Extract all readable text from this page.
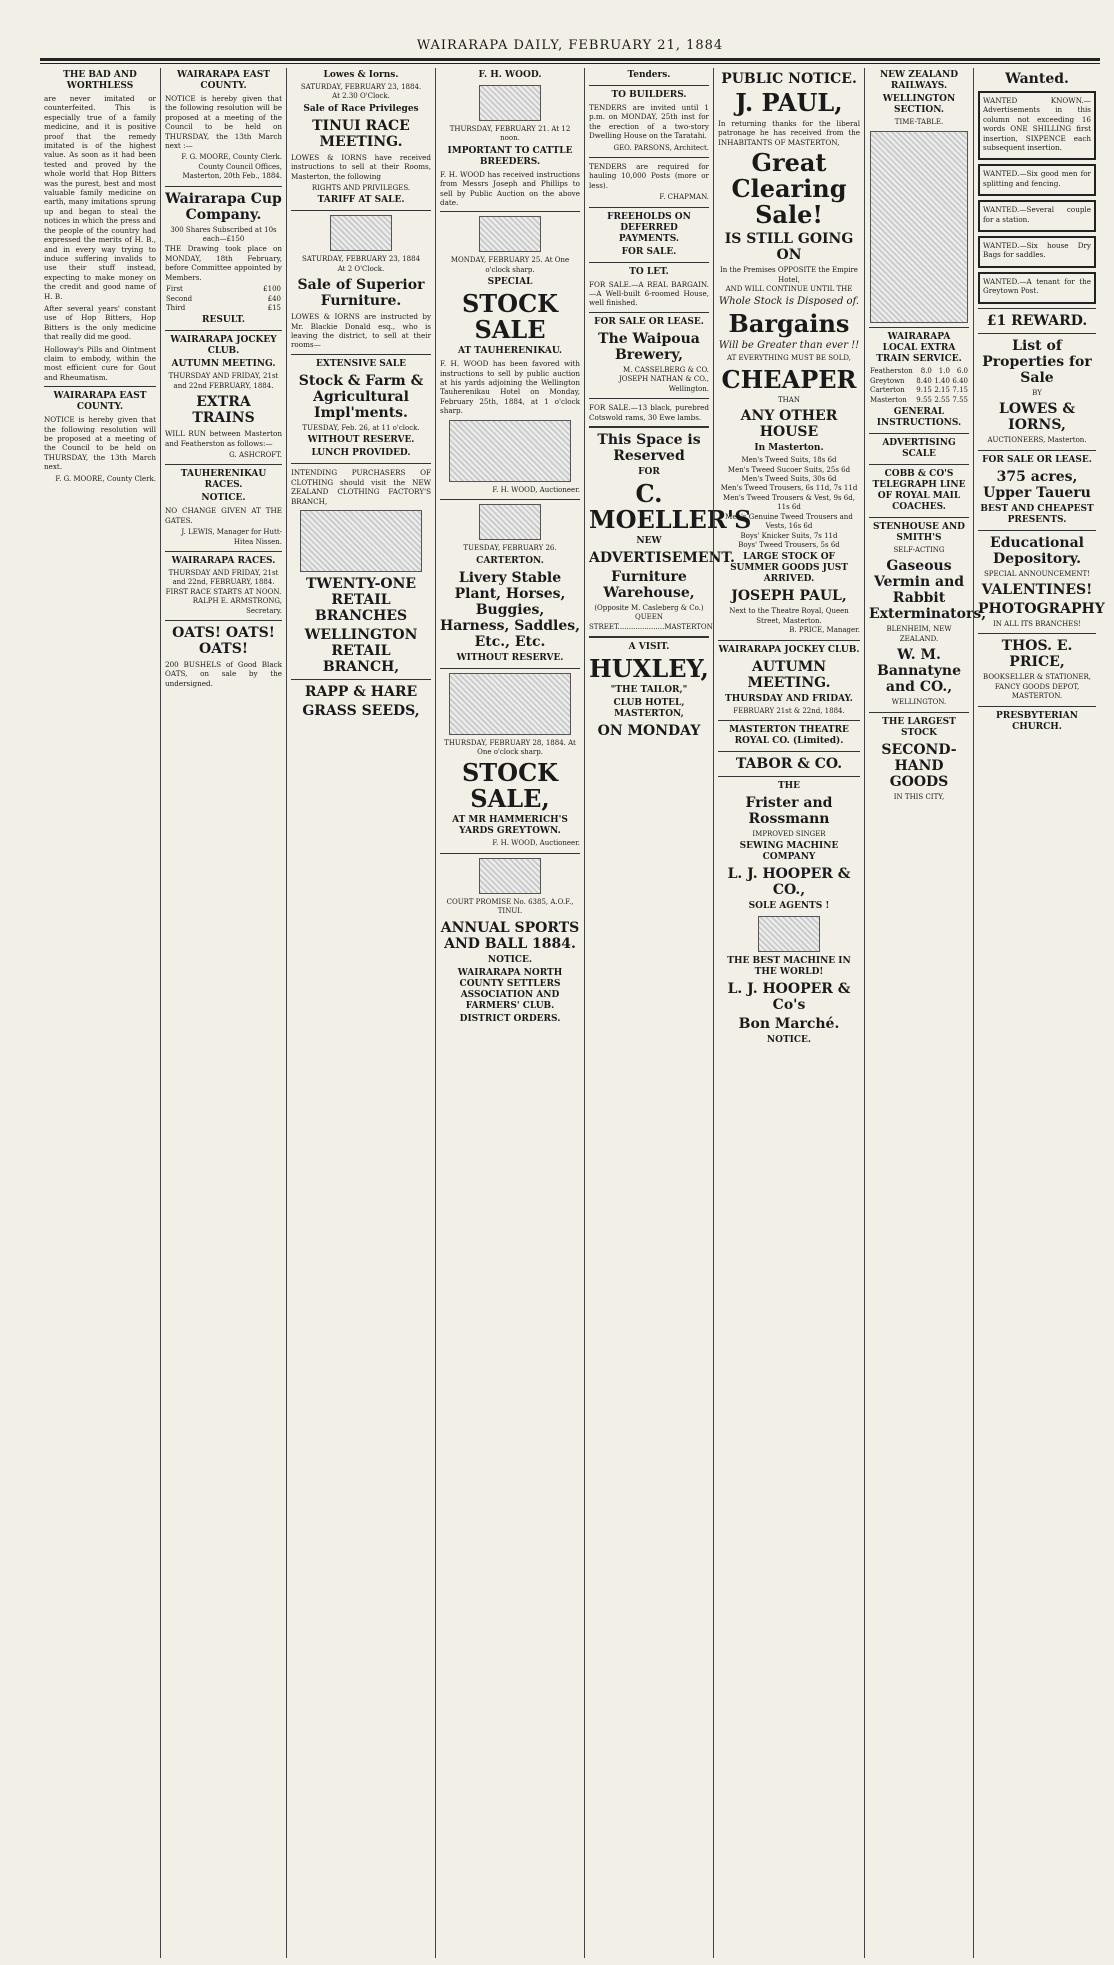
WAIRARAPA DAILY, FEBRUARY 21, 1884
THE BAD AND WORTHLESS

are never imitated or counterfeited. This is especially true of a family medicine, and it is positive proof that the remedy imitated is of the highest value. As soon as it had been tested and proved by the whole world that Hop Bitters was the purest, best and most valuable family medicine on earth, many imitations sprung up and began to steal the notices in which the press and the people of the country had expressed the merits of H. B., and in every way trying to induce suffering invalids to use their stuff instead, expecting to make money on the credit and good name of H. B.

After several years' constant use of Hop Bitters, Hop Bitters is the only medicine that really did me good.

Holloway's Pills and Ointment claim to embody, within the most efficient cure for Gout and Rheumatism.

WAIRARAPA EAST COUNTY.

NOTICE is hereby given that the following resolution will be proposed at a meeting of the Council to be held on THURSDAY, the 13th March next.

F. G. MOORE, County Clerk.
WAIRARAPA EAST COUNTY.

NOTICE is hereby given that the following resolution will be proposed at a meeting of the Council to be held on THURSDAY, the 13th March next :—

F. G. MOORE, County Clerk. County Council Offices, Masterton, 20th Feb., 1884.
Wairarapa Cup Company.
300 Shares Subscribed at 10s each—£150

THE Drawing took place on MONDAY, 18th February, before Committee appointed by Members.

First	£100
Second	£40
Third	£15
RESULT.
WAIRARAPA JOCKEY CLUB.
AUTUMN MEETING.
THURSDAY AND FRIDAY, 21st and 22nd FEBRUARY, 1884.
EXTRA TRAINS

WILL RUN between Masterton and Featherston as follows:—

G. ASHCROFT.
TAUHERENIKAU RACES.
NOTICE.

NO CHANGE GIVEN AT THE GATES.

J. LEWIS, Manager for Hutt-Hitea Nissen.
WAIRARAPA RACES.
THURSDAY AND FRIDAY, 21st and 22nd, FEBRUARY, 1884.
FIRST RACE STARTS AT NOON.
RALPH E. ARMSTRONG, Secretary.
OATS! OATS! OATS!

200 BUSHELS of Good Black OATS, on sale by the undersigned.

Lowes & Iorns.
SATURDAY, FEBRUARY 23, 1884.
At 2.30 O'Clock.
Sale of Race Privileges
TINUI RACE MEETING.

LOWES & IORNS have received instructions to sell at their Rooms, Masterton, the following

RIGHTS AND PRIVILEGES.
TARIFF AT SALE.
SATURDAY, FEBRUARY 23, 1884
At 2 O'Clock.
Sale of Superior Furniture.

LOWES & IORNS are instructed by Mr. Blackie Donald esq., who is leaving the district, to sell at their rooms—

EXTENSIVE SALE
Stock & Farm & Agricultural Impl'ments.
TUESDAY, Feb. 26, at 11 o'clock.
WITHOUT RESERVE.
LUNCH PROVIDED.

INTENDING PURCHASERS OF CLOTHING should visit the NEW ZEALAND CLOTHING FACTORY'S BRANCH,

TWENTY-ONE RETAIL BRANCHES
WELLINGTON RETAIL BRANCH,
RAPP & HARE
GRASS SEEDS,
F. H. WOOD.
THURSDAY, FEBRUARY 21. At 12 noon.
IMPORTANT TO CATTLE BREEDERS.

F. H. WOOD has received instructions from Messrs Joseph and Phillips to sell by Public Auction on the above date.

MONDAY, FEBRUARY 25. At One o'clock sharp.
SPECIAL
STOCK SALE
AT TAUHERENIKAU.

F. H. WOOD has been favored with instructions to sell by public auction at his yards adjoining the Wellington Tauherenikau Hotel on Monday, February 25th, 1884, at 1 o'clock sharp.

F. H. WOOD, Auctioneer.
TUESDAY, FEBRUARY 26.
CARTERTON.
Livery Stable Plant, Horses, Buggies, Harness, Saddles, Etc., Etc.
WITHOUT RESERVE.
THURSDAY, FEBRUARY 28, 1884. At One o'clock sharp.
STOCK SALE,
AT MR HAMMERICH'S YARDS GREYTOWN.
F. H. WOOD, Auctioneer.
COURT PROMISE No. 6385, A.O.F., TINUI.
ANNUAL SPORTS AND BALL 1884.
NOTICE.
WAIRARAPA NORTH COUNTY SETTLERS ASSOCIATION AND FARMERS' CLUB.
DISTRICT ORDERS.
Tenders.
TO BUILDERS.

TENDERS are invited until 1 p.m. on MONDAY, 25th inst for the erection of a two-story Dwelling House on the Taratahi.

GEO. PARSONS, Architect.

TENDERS are required for hauling 10,000 Posts (more or less).

F. CHAPMAN.
FREEHOLDS ON DEFERRED PAYMENTS.
FOR SALE.
TO LET.

FOR SALE.—A REAL BARGAIN.—A Well-built 6-roomed House, well finished.

FOR SALE OR LEASE.
The Waipoua Brewery,
M. CASSELBERG & CO.
JOSEPH NATHAN & CO., Wellington.

FOR SALE.—13 black, purebred Cotswold rams, 30 Ewe lambs.

This Space is Reserved
FOR
C. MOELLER'S
NEW
ADVERTISEMENT.
Furniture Warehouse,
(Opposite M. Casleberg & Co.)
QUEEN STREET.....................MASTERTON.
A VISIT.
HUXLEY,
"THE TAILOR,"
CLUB HOTEL, MASTERTON,
ON MONDAY
PUBLIC NOTICE.
J. PAUL,

In returning thanks for the liberal patronage he has received from the INHABITANTS OF MASTERTON,

Great Clearing Sale!
IS STILL GOING ON
In the Premises OPPOSITE the Empire Hotel,
AND WILL CONTINUE UNTIL THE
Whole Stock is Disposed of.
Bargains
Will be Greater than ever !!
AT EVERYTHING MUST BE SOLD,
CHEAPER
THAN
ANY OTHER HOUSE
In Masterton.
Men's Tweed Suits, 18s 6d
Men's Tweed Sucoer Suits, 25s 6d
Men's Tweed Suits, 30s 6d
Men's Tweed Trousers, 6s 11d, 7s 11d
Men's Tweed Trousers & Vest, 9s 6d, 11s 6d
Men's Genuine Tweed Trousers and Vests, 16s 6d
Boys' Knicker Suits, 7s 11d
Boys' Tweed Trousers, 5s 6d
LARGE STOCK OF SUMMER GOODS JUST ARRIVED.
JOSEPH PAUL,
Next to the Theatre Royal, Queen Street, Masterton.
B. PRICE, Manager.
WAIRARAPA JOCKEY CLUB.
AUTUMN MEETING.
THURSDAY AND FRIDAY.
FEBRUARY 21st & 22nd, 1884.
MASTERTON THEATRE ROYAL CO. (Limited).
TABOR & CO.
THE
Frister and Rossmann
IMPROVED SINGER
SEWING MACHINE COMPANY
L. J. HOOPER & CO.,
SOLE AGENTS !
THE BEST MACHINE IN THE WORLD!
L. J. HOOPER & Co's
Bon Marché.
NOTICE.
NEW ZEALAND RAILWAYS.
WELLINGTON SECTION.
TIME-TABLE.
WAIRARAPA LOCAL EXTRA TRAIN SERVICE.
Featherston	8.0	1.0	6.0
Greytown	8.40	1.40	6.40
Carterton	9.15	2.15	7.15
Masterton	9.55	2.55	7.55
GENERAL INSTRUCTIONS.
ADVERTISING SCALE
COBB & CO'S TELEGRAPH LINE OF ROYAL MAIL COACHES.
STENHOUSE AND SMITH'S
SELF-ACTING
Gaseous Vermin and Rabbit Exterminators,
BLENHEIM, NEW ZEALAND.
W. M. Bannatyne and CO.,
WELLINGTON.
THE LARGEST STOCK
SECOND-HAND GOODS
IN THIS CITY,
Wanted.

WANTED KNOWN.—Advertisements in this column not exceeding 16 words ONE SHILLING first insertion, SIXPENCE each subsequent insertion.

WANTED.—Six good men for splitting and fencing.

WANTED.—Several couple for a station.

WANTED.—Six house Dry Bags for saddles.

WANTED.—A tenant for the Greytown Post.

£1 REWARD.
List of Properties for Sale
BY
LOWES & IORNS,
AUCTIONEERS, Masterton.
FOR SALE OR LEASE.
375 acres, Upper Taueru
BEST AND CHEAPEST PRESENTS.
Educational Depository.
SPECIAL ANNOUNCEMENT!
VALENTINES!
PHOTOGRAPHY
IN ALL ITS BRANCHES!
THOS. E. PRICE,
BOOKSELLER & STATIONER, FANCY GOODS DEPOT, MASTERTON.
PRESBYTERIAN CHURCH.
